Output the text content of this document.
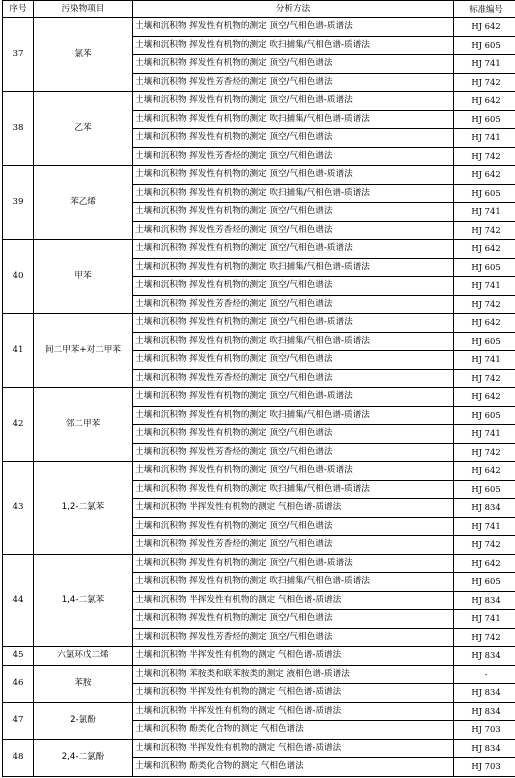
序号	污染物项目	分析方法	标准编号
37	氯苯	土壤和沉积物 挥发性有机物的测定 顶空/气相色谱-质谱法	HJ 642
		土壤和沉积物 挥发性有机物的测定 吹扫捕集/气相色谱-质谱法	HJ 605
		土壤和沉积物 挥发性有机物的测定 顶空/气相色谱法	HJ 741
		土壤和沉积物 挥发性芳香烃的测定 顶空/气相色谱法	HJ 742
38	乙苯	土壤和沉积物 挥发性有机物的测定 顶空/气相色谱-质谱法	HJ 642
		土壤和沉积物 挥发性有机物的测定 吹扫捕集/气相色谱-质谱法	HJ 605
		土壤和沉积物 挥发性有机物的测定 顶空/气相色谱法	HJ 741
		土壤和沉积物 挥发性芳香烃的测定 顶空/气相色谱法	HJ 742
39	苯乙烯	土壤和沉积物 挥发性有机物的测定 顶空/气相色谱-质谱法	HJ 642
		土壤和沉积物 挥发性有机物的测定 吹扫捕集/气相色谱-质谱法	HJ 605
		土壤和沉积物 挥发性有机物的测定 顶空/气相色谱法	HJ 741
		土壤和沉积物 挥发性芳香烃的测定 顶空/气相色谱法	HJ 742
40	甲苯	土壤和沉积物 挥发性有机物的测定 顶空/气相色谱-质谱法	HJ 642
		土壤和沉积物 挥发性有机物的测定 吹扫捕集/气相色谱-质谱法	HJ 605
		土壤和沉积物 挥发性有机物的测定 顶空/气相色谱法	HJ 741
		土壤和沉积物 挥发性芳香烃的测定 顶空/气相色谱法	HJ 742
41	间二甲苯+对二甲苯	土壤和沉积物 挥发性有机物的测定 顶空/气相色谱-质谱法	HJ 642
		土壤和沉积物 挥发性有机物的测定 吹扫捕集/气相色谱-质谱法	HJ 605
		土壤和沉积物 挥发性有机物的测定 顶空/气相色谱法	HJ 741
		土壤和沉积物 挥发性芳香烃的测定 顶空/气相色谱法	HJ 742
42	邻二甲苯	土壤和沉积物 挥发性有机物的测定 顶空/气相色谱-质谱法	HJ 642
		土壤和沉积物 挥发性有机物的测定 吹扫捕集/气相色谱-质谱法	HJ 605
		土壤和沉积物 挥发性有机物的测定 顶空/气相色谱法	HJ 741
		土壤和沉积物 挥发性芳香烃的测定 顶空/气相色谱法	HJ 742
43	1,2-二氯苯	土壤和沉积物 挥发性有机物的测定 顶空/气相色谱-质谱法	HJ 642
		土壤和沉积物 挥发性有机物的测定 吹扫捕集/气相色谱-质谱法	HJ 605
		土壤和沉积物 半挥发性有机物的测定 气相色谱-质谱法	HJ 834
		土壤和沉积物 挥发性有机物的测定 顶空/气相色谱法	HJ 741
		土壤和沉积物 挥发性芳香烃的测定 顶空/气相色谱法	HJ 742
44	1,4-二氯苯	土壤和沉积物 挥发性有机物的测定 顶空/气相色谱-质谱法	HJ 642
		土壤和沉积物 挥发性有机物的测定 吹扫捕集/气相色谱-质谱法	HJ 605
		土壤和沉积物 半挥发性有机物的测定 气相色谱-质谱法	HJ 834
		土壤和沉积物 挥发性有机物的测定 顶空/气相色谱法	HJ 741
		土壤和沉积物 挥发性芳香烃的测定 顶空/气相色谱法	HJ 742
45	六氯环戊二烯	土壤和沉积物 半挥发性有机物的测定 气相色谱-质谱法	HJ 834
46	苯胺	土壤和沉积物 苯胺类和联苯胺类的测定 液相色谱-质谱法	-
		土壤和沉积物 半挥发性有机物的测定 气相色谱-质谱法	HJ 834
47	2-氯酚	土壤和沉积物 半挥发性有机物的测定 气相色谱-质谱法	HJ 834
		土壤和沉积物 酚类化合物的测定 气相色谱法	HJ 703
48	2,4-二氯酚	土壤和沉积物 半挥发性有机物的测定 气相色谱-质谱法	HJ 834
		土壤和沉积物 酚类化合物的测定 气相色谱法	HJ 703
